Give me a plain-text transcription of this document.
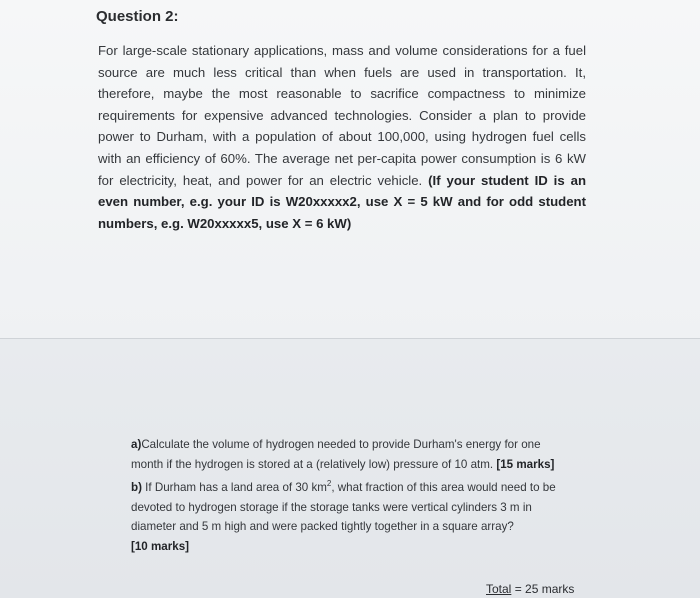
Question 2:
For large-scale stationary applications, mass and volume considerations for a fuel source are much less critical than when fuels are used in transportation. It, therefore, maybe the most reasonable to sacrifice compactness to minimize requirements for expensive advanced technologies. Consider a plan to provide power to Durham, with a population of about 100,000, using hydrogen fuel cells with an efficiency of 60%. The average net per-capita power consumption is 6 kW for electricity, heat, and power for an electric vehicle. (If your student ID is an even number, e.g. your ID is W20xxxxx2, use X = 5 kW and for odd student numbers, e.g. W20xxxxx5, use X = 6 kW)
a)Calculate the volume of hydrogen needed to provide Durham's energy for one month if the hydrogen is stored at a (relatively low) pressure of 10 atm. [15 marks]
b) If Durham has a land area of 30 $km^2$, what fraction of this area would need to be devoted to hydrogen storage if the storage tanks were vertical cylinders 3 m in diameter and 5 m high and were packed tightly together in a square array?
[10 marks]
Total = 25 marks
